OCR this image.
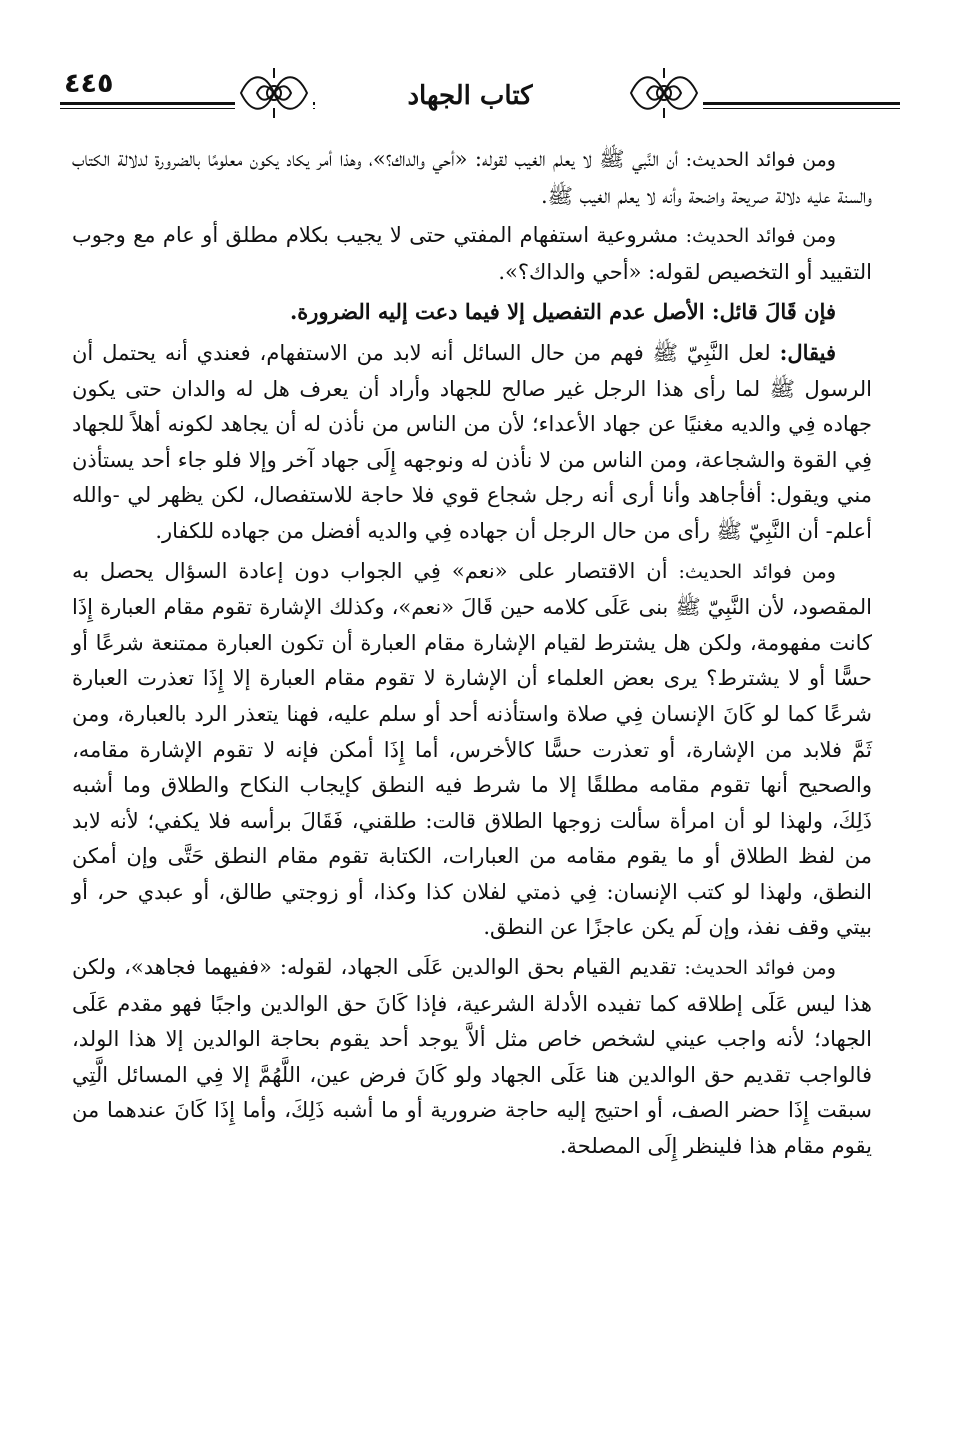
٤٤٥	كتاب الجهاد

ومن فوائد الحديث: أن النَّبي ﷺ لا يعلم الغيب لقوله: «أحي والداك؟»، وهذا أمر يكاد يكون معلومًا بالضرورة لدلالة الكتاب والسنة عليه دلالة صريحة واضحة وأنه لا يعلم الغيب ﷺ.

ومن فوائد الحديث: مشروعية استفهام المفتي حتى لا يجيب بكلام مطلق أو عام مع وجوب التقييد أو التخصيص لقوله: «أحي والداك؟».

فإن قَالَ قائل: الأصل عدم التفصيل إلا فيما دعت إليه الضرورة.

فيقال: لعل النَّبِيّ ﷺ فهم من حال السائل أنه لابد من الاستفهام، فعندي أنه يحتمل أن الرسول ﷺ لما رأى هذا الرجل غير صالح للجهاد وأراد أن يعرف هل له والدان حتى يكون جهاده فِي والديه مغنيًا عن جهاد الأعداء؛ لأن من الناس من نأذن له أن يجاهد لكونه أهلاً للجهاد فِي القوة والشجاعة، ومن الناس من لا نأذن له ونوجهه إِلَى جهاد آخر وإلا فلو جاء أحد يستأذن مني ويقول: أفأجاهد وأنا أرى أنه رجل شجاع قوي فلا حاجة للاستفصال، لكن يظهر لي -والله أعلم- أن النَّبِيّ ﷺ رأى من حال الرجل أن جهاده فِي والديه أفضل من جهاده للكفار.

ومن فوائد الحديث: أن الاقتصار على «نعم» فِي الجواب دون إعادة السؤال يحصل به المقصود، لأن النَّبِيّ ﷺ بنى عَلَى كلامه حين قَالَ «نعم»، وكذلك الإشارة تقوم مقام العبارة إِذَا كانت مفهومة، ولكن هل يشترط لقيام الإشارة مقام العبارة أن تكون العبارة ممتنعة شرعًا أو حسًّا أو لا يشترط؟ يرى بعض العلماء أن الإشارة لا تقوم مقام العبارة إلا إِذَا تعذرت العبارة شرعًا كما لو كَانَ الإنسان فِي صلاة واستأذنه أحد أو سلم عليه، فهنا يتعذر الرد بالعبارة، ومن ثَمَّ فلابد من الإشارة، أو تعذرت حسًّا كالأخرس، أما إِذَا أمكن فإنه لا تقوم الإشارة مقامه، والصحيح أنها تقوم مقامه مطلقًا إلا ما شرط فيه النطق كإيجاب النكاح والطلاق وما أشبه ذَلِكَ، ولهذا لو أن امرأة سألت زوجها الطلاق قالت: طلقني، فَقَالَ برأسه فلا يكفي؛ لأنه لابد من لفظ الطلاق أو ما يقوم مقامه من العبارات، الكتابة تقوم مقام النطق حَتَّى وإن أمكن النطق، ولهذا لو كتب الإنسان: فِي ذمتي لفلان كذا وكذا، أو زوجتي طالق، أو عبدي حر، أو بيتي وقف نفذ، وإن لَم يكن عاجزًا عن النطق.

ومن فوائد الحديث: تقديم القيام بحق الوالدين عَلَى الجهاد، لقوله: «ففيهما فجاهد»، ولكن هذا ليس عَلَى إطلاقه كما تفيده الأدلة الشرعية، فإذا كَانَ حق الوالدين واجبًا فهو مقدم عَلَى الجهاد؛ لأنه واجب عيني لشخص خاص مثل ألاَّ يوجد أحد يقوم بحاجة الوالدين إلا هذا الولد، فالواجب تقديم حق الوالدين هنا عَلَى الجهاد ولو كَانَ فرض عين، اللَّهُمَّ إلا فِي المسائل الَّتِي سبقت إِذَا حضر الصف، أو احتيج إليه حاجة ضرورية أو ما أشبه ذَلِكَ، وأما إِذَا كَانَ عندهما من يقوم مقام هذا فلينظر إِلَى المصلحة.
